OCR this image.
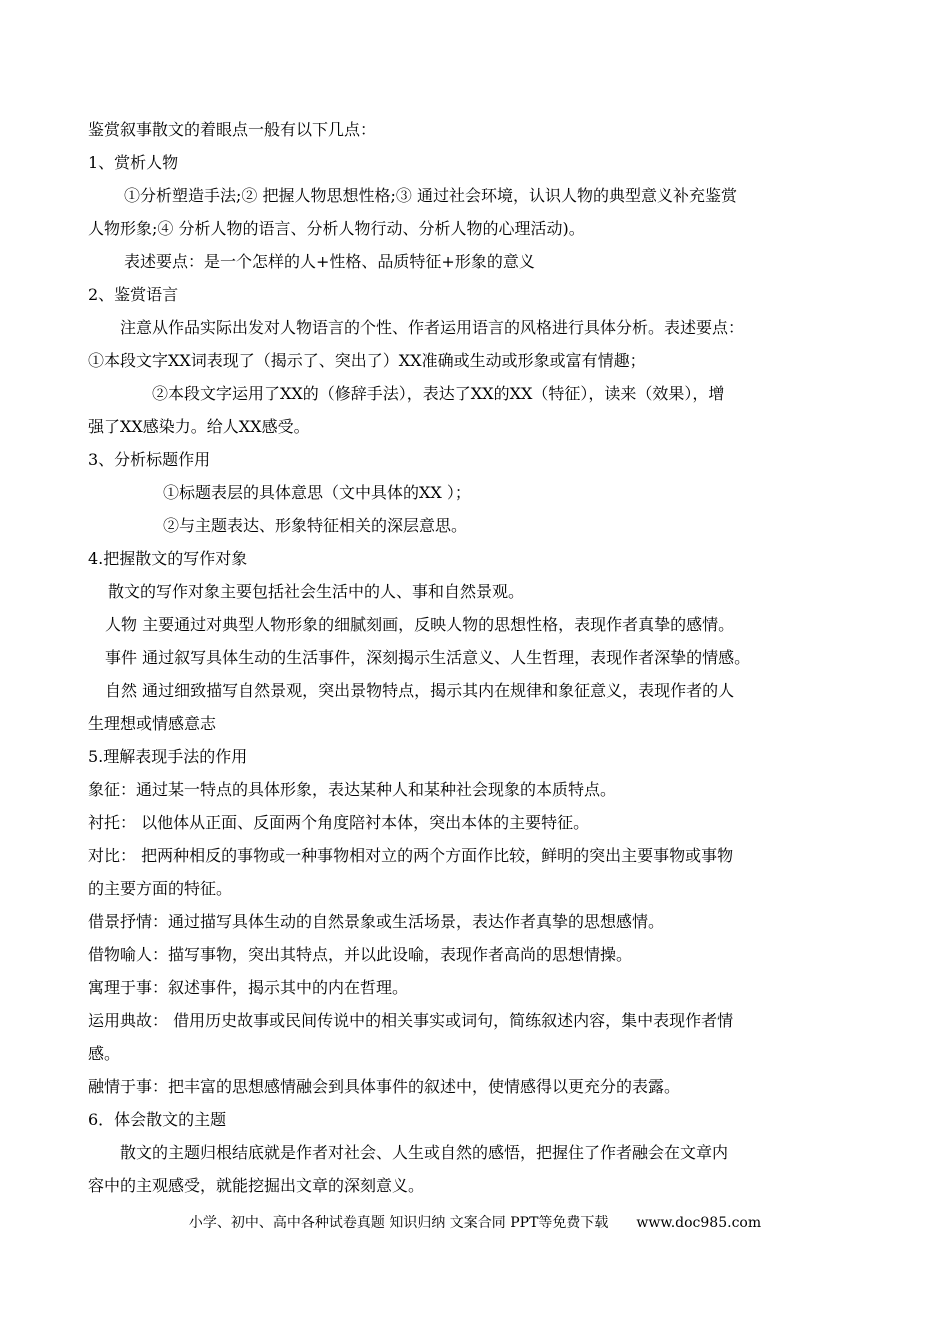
鉴赏叙事散文的着眼点一般有以下几点：
1、赏析人物
①分析塑造手法;② 把握人物思想性格;③ 通过社会环境，认识人物的典型意义补充鉴赏
人物形象;④ 分析人物的语言、分析人物行动、分析人物的心理活动)。
表述要点：是一个怎样的人+性格、品质特征+形象的意义
2、鉴赏语言
注意从作品实际出发对人物语言的个性、作者运用语言的风格进行具体分析。表述要点：
①本段文字XX词表现了（揭示了、突出了）XX准确或生动或形象或富有情趣；
②本段文字运用了XX的（修辞手法），表达了XX的XX（特征），读来（效果），增
强了XX感染力。给人XX感受。
3、分析标题作用
①标题表层的具体意思（文中具体的XX ）；
②与主题表达、形象特征相关的深层意思。
4.把握散文的写作对象
散文的写作对象主要包括社会生活中的人、事和自然景观。
人物 主要通过对典型人物形象的细腻刻画，反映人物的思想性格，表现作者真挚的感情。
事件 通过叙写具体生动的生活事件，深刻揭示生活意义、人生哲理，表现作者深挚的情感。
自然 通过细致描写自然景观，突出景物特点，揭示其内在规律和象征意义，表现作者的人
生理想或情感意志
5.理解表现手法的作用
象征：通过某一特点的具体形象，表达某种人和某种社会现象的本质特点。
衬托： 以他体从正面、反面两个角度陪衬本体，突出本体的主要特征。
对比： 把两种相反的事物或一种事物相对立的两个方面作比较，鲜明的突出主要事物或事物
的主要方面的特征。
借景抒情：通过描写具体生动的自然景象或生活场景，表达作者真挚的思想感情。
借物喻人：描写事物，突出其特点，并以此设喻，表现作者高尚的思想情操。
寓理于事：叙述事件，揭示其中的内在哲理。
运用典故： 借用历史故事或民间传说中的相关事实或词句，简练叙述内容，集中表现作者情
感。
融情于事：把丰富的思想感情融会到具体事件的叙述中，使情感得以更充分的表露。
6．体会散文的主题
散文的主题归根结底就是作者对社会、人生或自然的感悟，把握住了作者融会在文章内
容中的主观感受，就能挖掘出文章的深刻意义。
小学、初中、高中各种试卷真题 知识归纳 文案合同 PPT等免费下载 www.doc985.com
